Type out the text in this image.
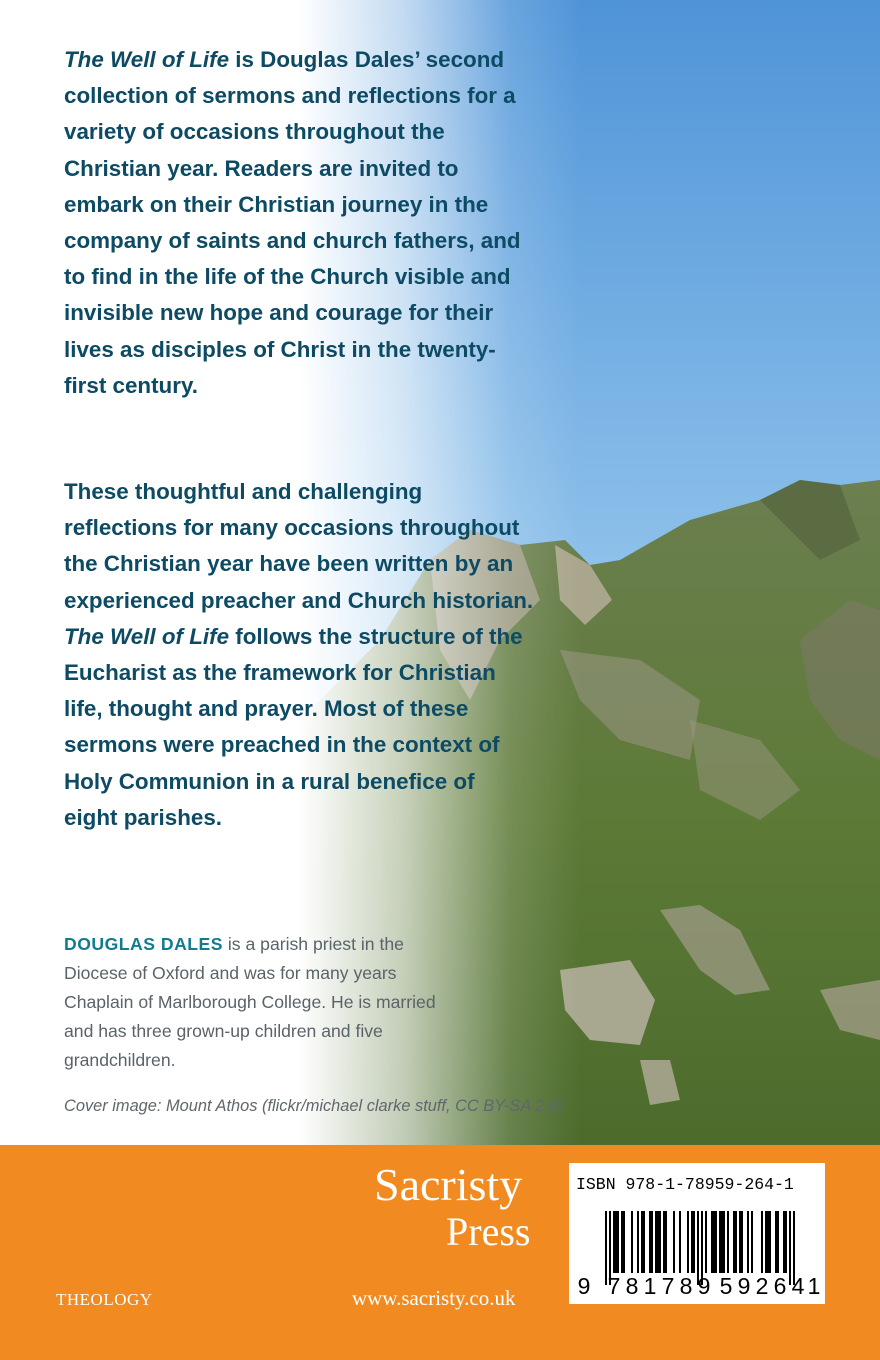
The Well of Life is Douglas Dales’ second collection of sermons and reflections for a variety of occasions throughout the Christian year. Readers are invited to embark on their Christian journey in the company of saints and church fathers, and to find in the life of the Church visible and invisible new hope and courage for their lives as disciples of Christ in the twenty-first century.

These thoughtful and challenging reflections for many occasions throughout the Christian year have been written by an experienced preacher and Church historian. The Well of Life follows the structure of the Eucharist as the framework for Christian life, thought and prayer. Most of these sermons were preached in the context of Holy Communion in a rural benefice of eight parishes.

DOUGLAS DALES is a parish priest in the Diocese of Oxford and was for many years Chaplain of Marlborough College. He is married and has three grown-up children and five grandchildren.

Cover image: Mount Athos (flickr/michael clarke stuff, CC BY-SA 2.0)

Sacristy
Press
THEOLOGY	www.sacristy.co.uk
ISBN 978-1-78959-264-1
9 7 8 1 7 8 9 5 9 2 6 4 1
